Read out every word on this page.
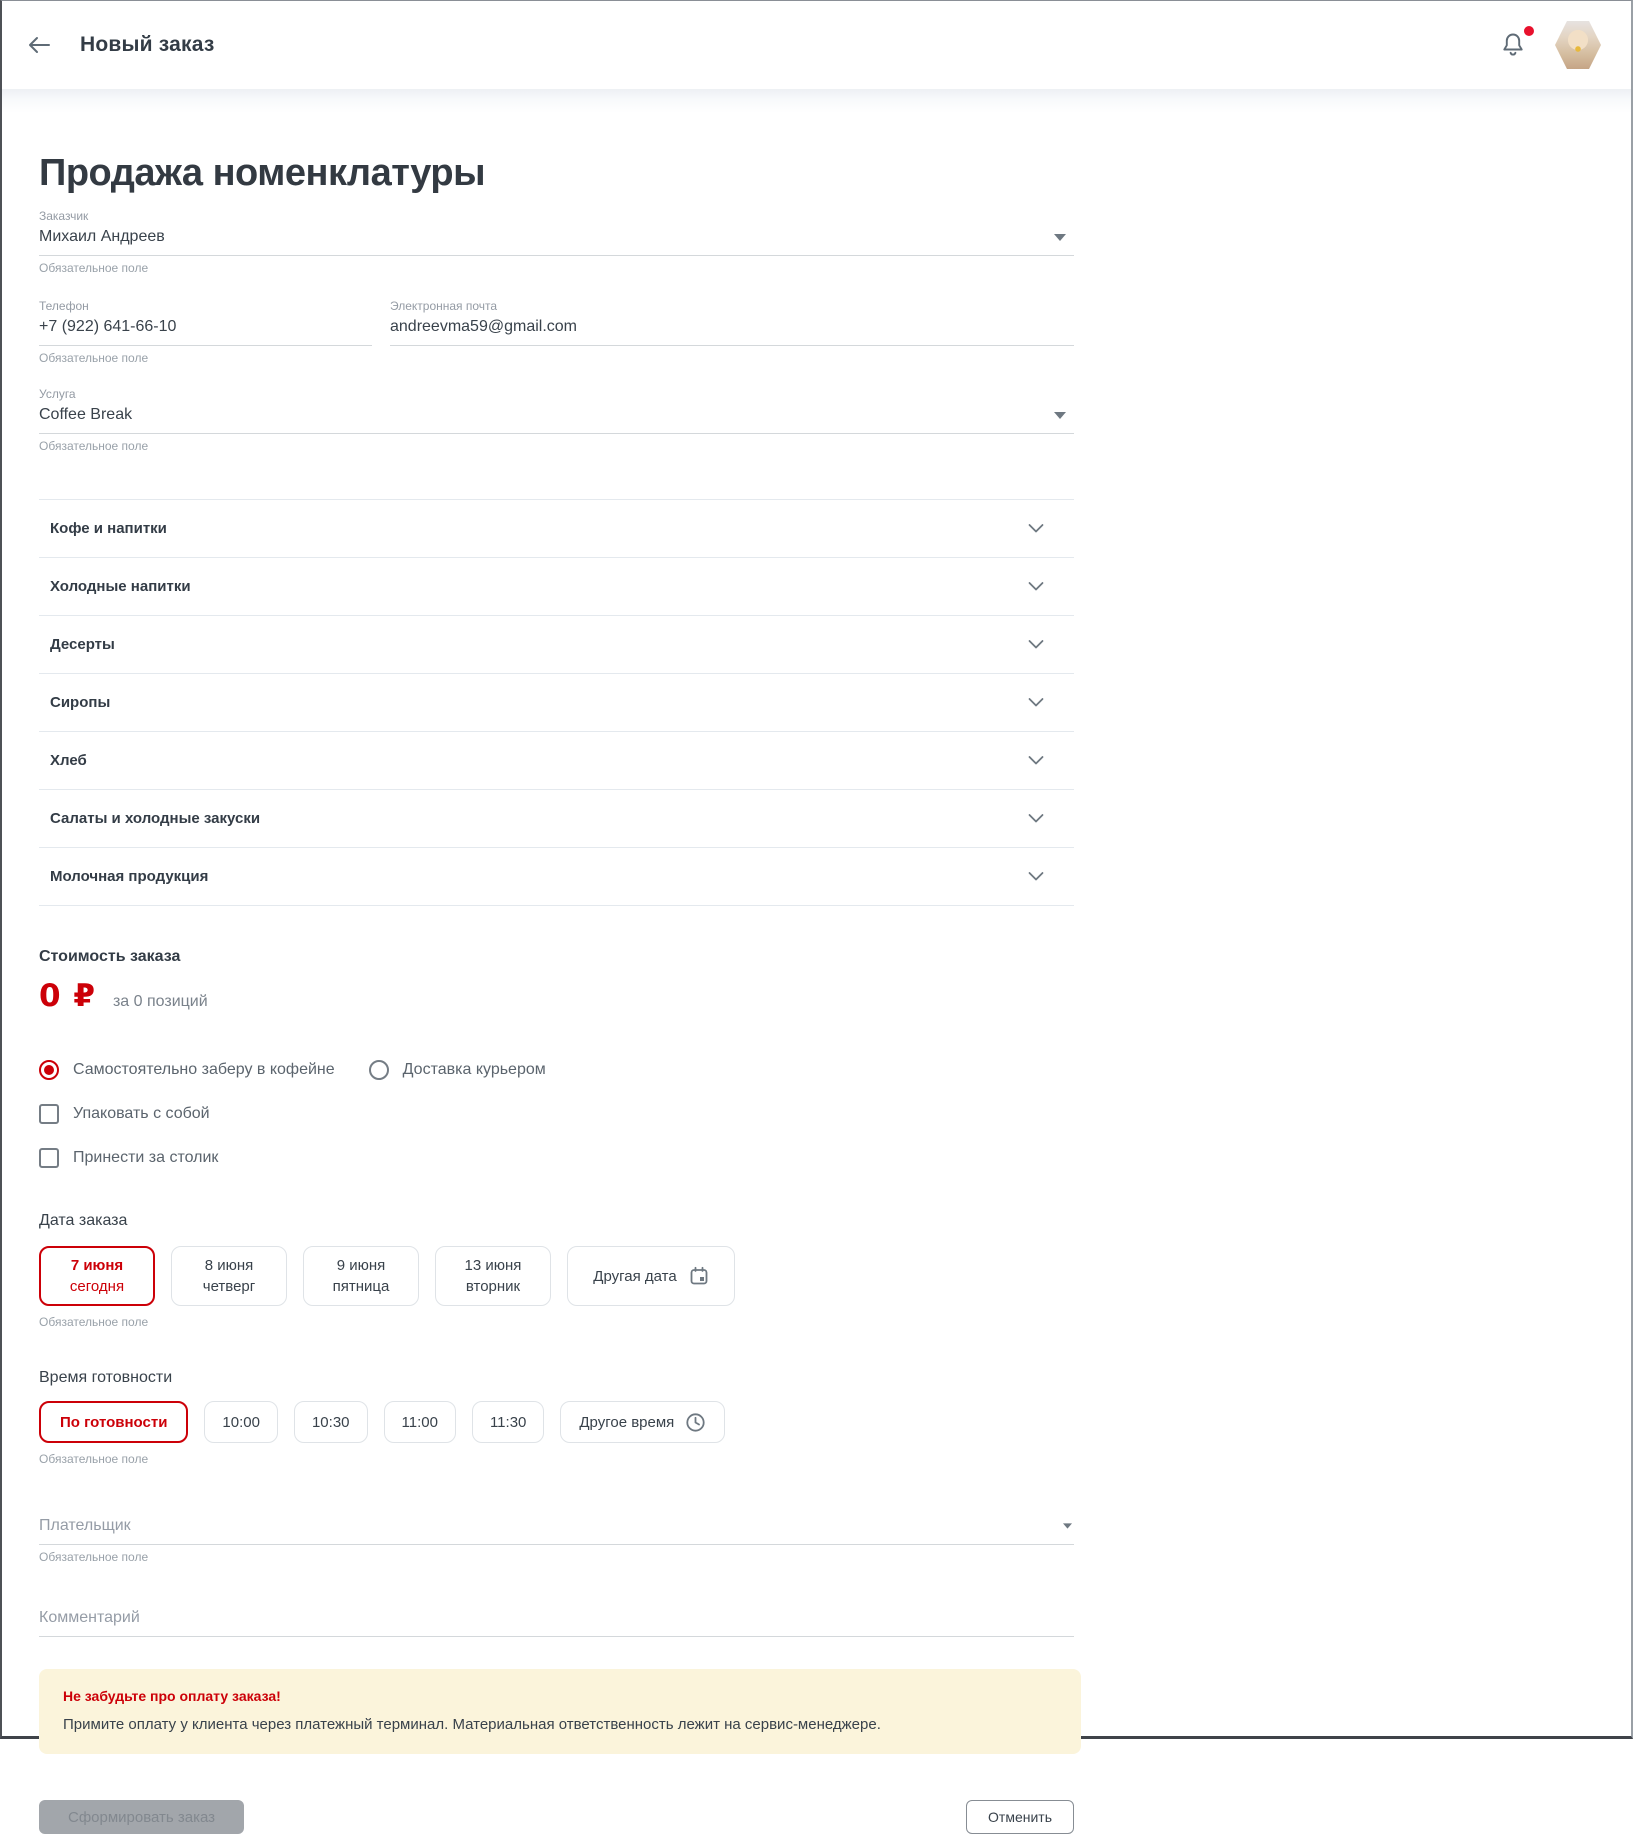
Новый заказ
Продажа номенклатуры
Заказчик
Михаил Андреев
Обязательное поле
Телефон
+7 (922) 641-66-10
Обязательное поле
Электронная почта
andreevma59@gmail.com
Услуга
Coffee Break
Обязательное поле
Кофе и напитки
Холодные напитки
Десерты
Сиропы
Хлеб
Салаты и холодные закуски
Молочная продукция
Стоимость заказа
0 ₽ за 0 позиций
Самостоятельно заберу в кофейне	Доставка курьером
Упаковать с собой
Принести за столик
Дата заказа
7 июня
сегодня
8 июня
четверг
9 июня
пятница
13 июня
вторник
Другая дата
Обязательное поле
Время готовности
По готовности	10:00	10:30	11:00	11:30	Другое время
Обязательное поле
Плательщик
Обязательное поле
Комментарий
Не забудьте про оплату заказа!
Примите оплату у клиента через платежный терминал. Материальная ответственность лежит на сервис-менеджере.
Сформировать заказ	Отменить
